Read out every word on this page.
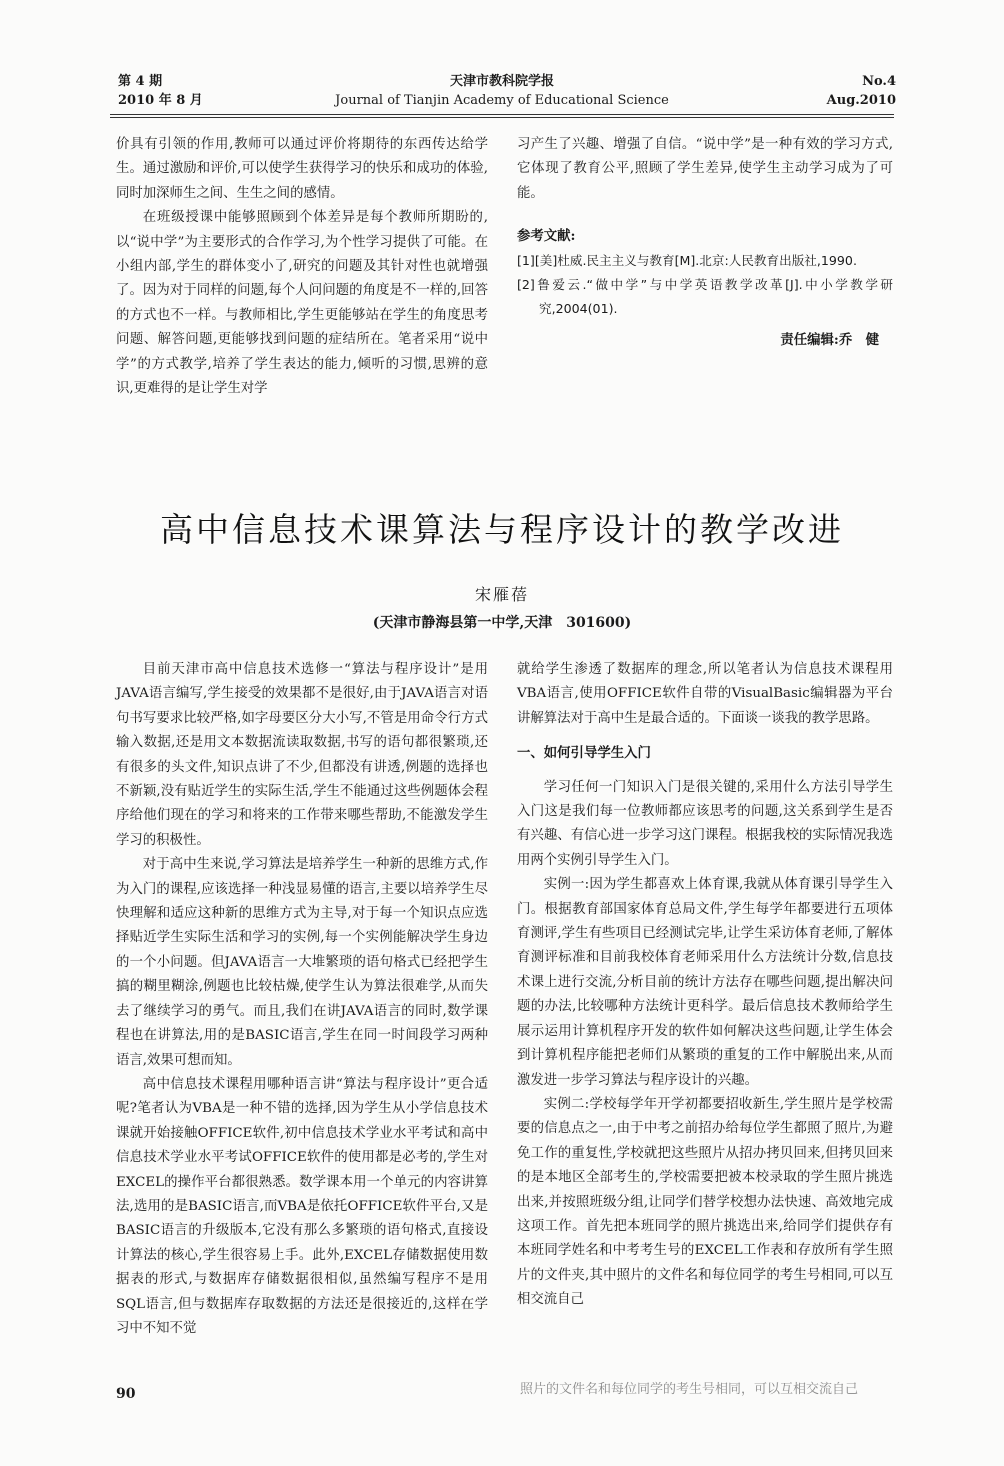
第 4 期
2010 年 8 月
天津市教科院学报
Journal of Tianjin Academy of Educational Science
No.4
Aug.2010

价具有引领的作用,教师可以通过评价将期待的东西传达给学生。通过激励和评价,可以使学生获得学习的快乐和成功的体验,同时加深师生之间、生生之间的感情。

在班级授课中能够照顾到个体差异是每个教师所期盼的,以“说中学”为主要形式的合作学习,为个性学习提供了可能。在小组内部,学生的群体变小了,研究的问题及其针对性也就增强了。因为对于同样的问题,每个人问问题的角度是不一样的,回答的方式也不一样。与教师相比,学生更能够站在学生的角度思考问题、解答问题,更能够找到问题的症结所在。笔者采用“说中学”的方式教学,培养了学生表达的能力,倾听的习惯,思辨的意识,更难得的是让学生对学

习产生了兴趣、增强了自信。“说中学”是一种有效的学习方式,它体现了教育公平,照顾了学生差异,使学生主动学习成为了可能。

参考文献:

[1][美]杜威.民主主义与教育[M].北京:人民教育出版社,1990.

[2]鲁爱云.“做中学”与中学英语教学改革[J].中小学教学研究,2004(01).

责任编辑:乔　健

高中信息技术课算法与程序设计的教学改进
宋雁蓓
(天津市静海县第一中学,天津　301600)

目前天津市高中信息技术选修一“算法与程序设计”是用JAVA语言编写,学生接受的效果都不是很好,由于JAVA语言对语句书写要求比较严格,如字母要区分大小写,不管是用命令行方式输入数据,还是用文本数据流读取数据,书写的语句都很繁琐,还有很多的头文件,知识点讲了不少,但都没有讲透,例题的选择也不新颖,没有贴近学生的实际生活,学生不能通过这些例题体会程序给他们现在的学习和将来的工作带来哪些帮助,不能激发学生学习的积极性。

对于高中生来说,学习算法是培养学生一种新的思维方式,作为入门的课程,应该选择一种浅显易懂的语言,主要以培养学生尽快理解和适应这种新的思维方式为主导,对于每一个知识点应选择贴近学生实际生活和学习的实例,每一个实例能解决学生身边的一个小问题。但JAVA语言一大堆繁琐的语句格式已经把学生搞的糊里糊涂,例题也比较枯燥,使学生认为算法很难学,从而失去了继续学习的勇气。而且,我们在讲JAVA语言的同时,数学课程也在讲算法,用的是BASIC语言,学生在同一时间段学习两种语言,效果可想而知。

高中信息技术课程用哪种语言讲“算法与程序设计”更合适呢?笔者认为VBA是一种不错的选择,因为学生从小学信息技术课就开始接触OFFICE软件,初中信息技术学业水平考试和高中信息技术学业水平考试OFFICE软件的使用都是必考的,学生对EXCEL的操作平台都很熟悉。数学课本用一个单元的内容讲算法,选用的是BASIC语言,而VBA是依托OFFICE软件平台,又是BASIC语言的升级版本,它没有那么多繁琐的语句格式,直接设计算法的核心,学生很容易上手。此外,EXCEL存储数据使用数据表的形式,与数据库存储数据很相似,虽然编写程序不是用SQL语言,但与数据库存取数据的方法还是很接近的,这样在学习中不知不觉

就给学生渗透了数据库的理念,所以笔者认为信息技术课程用VBA语言,使用OFFICE软件自带的VisualBasic编辑器为平台讲解算法对于高中生是最合适的。下面谈一谈我的教学思路。

一、如何引导学生入门

学习任何一门知识入门是很关键的,采用什么方法引导学生入门这是我们每一位教师都应该思考的问题,这关系到学生是否有兴趣、有信心进一步学习这门课程。根据我校的实际情况我选用两个实例引导学生入门。

实例一:因为学生都喜欢上体育课,我就从体育课引导学生入门。根据教育部国家体育总局文件,学生每学年都要进行五项体育测评,学生有些项目已经测试完毕,让学生采访体育老师,了解体育测评标准和目前我校体育老师采用什么方法统计分数,信息技术课上进行交流,分析目前的统计方法存在哪些问题,提出解决问题的办法,比较哪种方法统计更科学。最后信息技术教师给学生展示运用计算机程序开发的软件如何解决这些问题,让学生体会到计算机程序能把老师们从繁琐的重复的工作中解脱出来,从而激发进一步学习算法与程序设计的兴趣。

实例二:学校每学年开学初都要招收新生,学生照片是学校需要的信息点之一,由于中考之前招办给每位学生都照了照片,为避免工作的重复性,学校就把这些照片从招办拷贝回来,但拷贝回来的是本地区全部考生的,学校需要把被本校录取的学生照片挑选出来,并按照班级分组,让同学们替学校想办法快速、高效地完成这项工作。首先把本班同学的照片挑选出来,给同学们提供存有本班同学姓名和中考考生号的EXCEL工作表和存放所有学生照片的文件夹,其中照片的文件名和每位同学的考生号相同,可以互相交流自己

90	照片的文件名和每位同学的考生号相同，可以互相交流自己
